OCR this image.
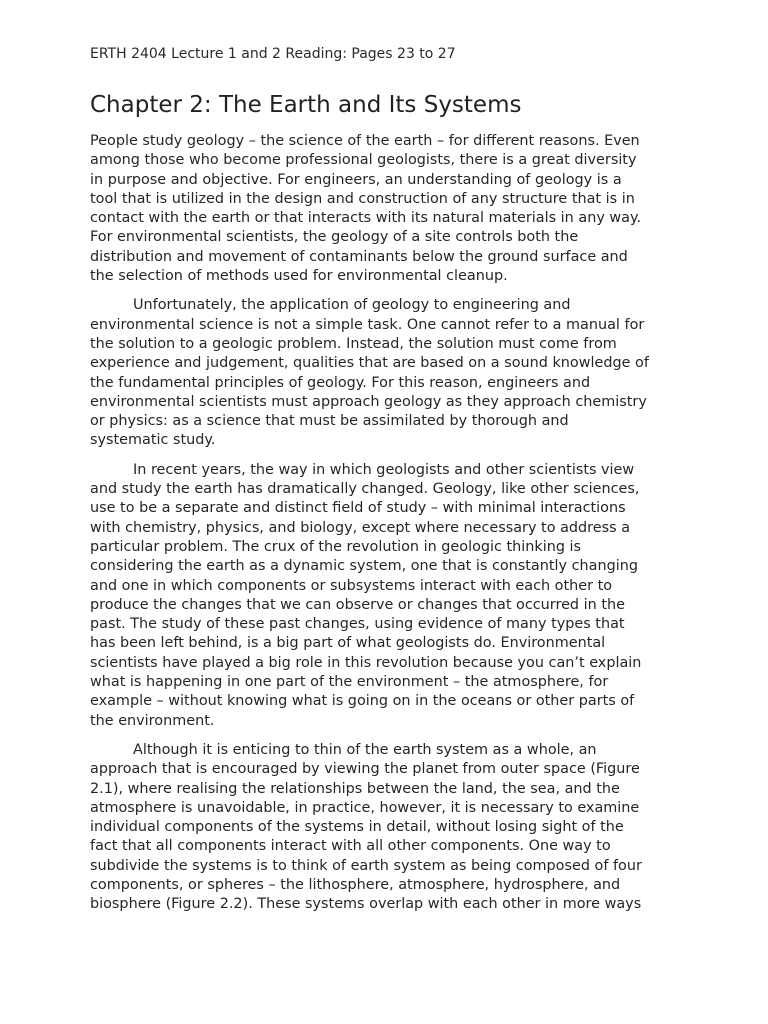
ERTH 2404 Lecture 1 and 2 Reading: Pages 23 to 27
Chapter 2: The Earth and Its Systems
People study geology – the science of the earth – for different reasons. Even
among those who become professional geologists, there is a great diversity
in purpose and objective. For engineers, an understanding of geology is a
tool that is utilized in the design and construction of any structure that is in
contact with the earth or that interacts with its natural materials in any way.
For environmental scientists, the geology of a site controls both the
distribution and movement of contaminants below the ground surface and
the selection of methods used for environmental cleanup.
Unfortunately, the application of geology to engineering and
environmental science is not a simple task. One cannot refer to a manual for
the solution to a geologic problem. Instead, the solution must come from
experience and judgement, qualities that are based on a sound knowledge of
the fundamental principles of geology. For this reason, engineers and
environmental scientists must approach geology as they approach chemistry
or physics: as a science that must be assimilated by thorough and
systematic study.
In recent years, the way in which geologists and other scientists view
and study the earth has dramatically changed. Geology, like other sciences,
use to be a separate and distinct field of study – with minimal interactions
with chemistry, physics, and biology, except where necessary to address a
particular problem. The crux of the revolution in geologic thinking is
considering the earth as a dynamic system, one that is constantly changing
and one in which components or subsystems interact with each other to
produce the changes that we can observe or changes that occurred in the
past. The study of these past changes, using evidence of many types that
has been left behind, is a big part of what geologists do. Environmental
scientists have played a big role in this revolution because you can’t explain
what is happening in one part of the environment – the atmosphere, for
example – without knowing what is going on in the oceans or other parts of
the environment.
Although it is enticing to thin of the earth system as a whole, an
approach that is encouraged by viewing the planet from outer space (Figure
2.1), where realising the relationships between the land, the sea, and the
atmosphere is unavoidable, in practice, however, it is necessary to examine
individual components of the systems in detail, without losing sight of the
fact that all components interact with all other components. One way to
subdivide the systems is to think of earth system as being composed of four
components, or spheres – the lithosphere, atmosphere, hydrosphere, and
biosphere (Figure 2.2). These systems overlap with each other in more ways
